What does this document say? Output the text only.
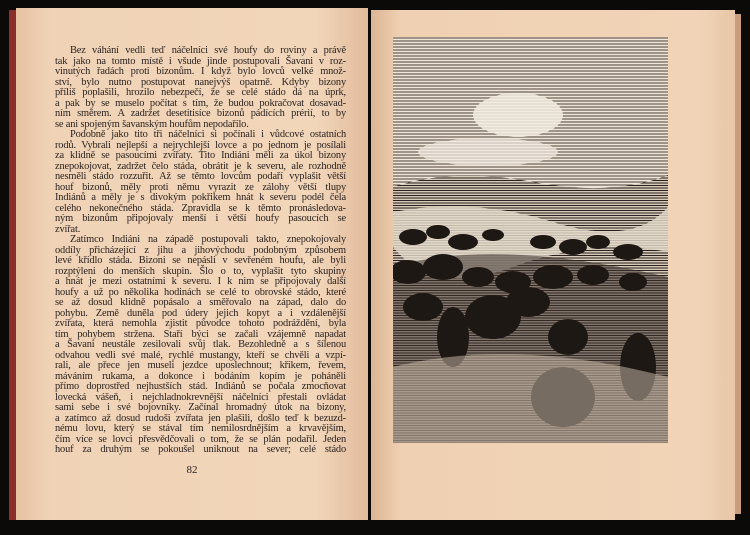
Bez váhání vedli teď náčelníci své houfy do roviny a právě
tak jako na tomto místě i všude jinde postupovali Šavani v roz-
vinutých řadách proti bizonům. I když bylo lovců velké množ-
ství, bylo nutno postupovat nanejvýš opatrně. Kdyby bizony
příliš poplašili, hrozilo nebezpečí, že se celé stádo dá na úprk,
a pak by se muselo počítat s tím, že budou pokračovat dosavad-
ním směrem. A zadržet desetitisíce bizonů pádících prérií, to by
se ani spojeným šavanským houfům nepodařilo.
Podobně jako tito tři náčelníci si počínali i vůdcové ostatních
rodů. Vybrali nejlepší a nejrychlejší lovce a po jednom je posílali
za klidně se pasoucími zvířaty. Tito Indiáni měli za úkol bizony
znepokojovat, zadržet čelo stáda, obrátit je k severu, ale rozhodně
nesměli stádo rozzuřit. Až se těmto lovcům podaří vyplašit větší
houf bizonů, měly proti němu vyrazit ze zálohy větší tlupy
Indiánů a měly je s divokým pokřikem hnát k severu podél čela
celého nekonečného stáda. Zpravidla se k těmto pronásledova-
ným bizonům připojovaly menší i větší houfy pasoucích se
zvířat.
Zatímco Indiáni na západě postupovali takto, znepokojovaly
oddíly přicházející z jihu a jihovýchodu podobným způsobem
levé křídlo stáda. Bizoni se nepásli v sevřeném houfu, ale byli
rozptýleni do menších skupin. Šlo o to, vyplašit tyto skupiny
a hnát je mezi ostatními k severu. I k nim se připojovaly další
houfy a už po několika hodinách se celé to obrovské stádo, které
se až dosud klidně popásalo a směřovalo na západ, dalo do
pohybu. Země duněla pod údery jejich kopyt a i vzdálenější
zvířata, která nemohla zjistit původce tohoto podráždění, byla
tím pohybem stržena. Staří býci se začali vzájemně napadat
a Šavani neustále zesilovali svůj tlak. Bezohledně a s šílenou
odvahou vedli své malé, rychlé mustangy, kteří se chvěli a vzpí-
rali, ale přece jen museli jezdce uposlechnout; křikem, řevem,
máváním rukama, a dokonce i bodáním kopím je poháněli
přímo doprostřed nejhustších stád. Indiánů se počala zmocňovat
lovecká vášeň, i nejchladnokrevnější náčelníci přestali ovládat
sami sebe i své bojovníky. Začínal hromadný útok na bizony,
a zatímco až dosud rudoši zvířata jen plašili, došlo teď k bezuzd-
nému lovu, který se stával tím nemilosrdnějším a krvavějším,
čím více se lovci přesvědčovali o tom, že se plán podařil. Jeden
houf za druhým se pokoušel uniknout na sever; celé stádo
82
